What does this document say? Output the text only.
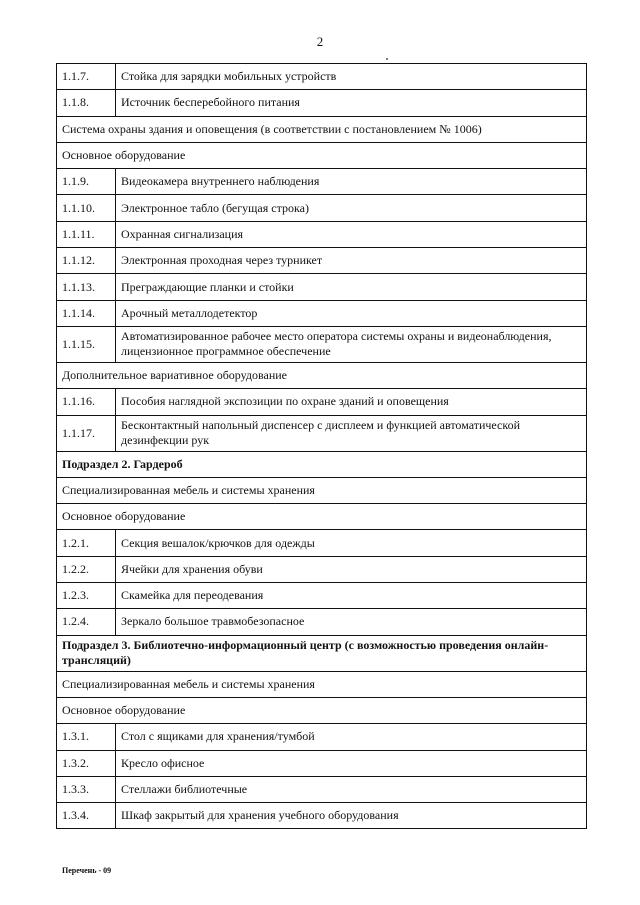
2
1.1.7.	Стойка для зарядки мобильных устройств
1.1.8.	Источник бесперебойного питания
Система охраны здания и оповещения (в соответствии с постановлением № 1006)	
Основное оборудование	
1.1.9.	Видеокамера внутреннего наблюдения
1.1.10.	Электронное табло (бегущая строка)
1.1.11.	Охранная сигнализация
1.1.12.	Электронная проходная через турникет
1.1.13.	Преграждающие планки и стойки
1.1.14.	Арочный металлодетектор
1.1.15.	Автоматизированное рабочее место оператора системы охраны и видеонаблюдения, лицензионное программное обеспечение
Дополнительное вариативное оборудование	
1.1.16.	Пособия наглядной экспозиции по охране зданий и оповещения
1.1.17.	Бесконтактный напольный диспенсер с дисплеем и функцией автоматической дезинфекции рук
Подраздел 2. Гардероб	
Специализированная мебель и системы хранения	
Основное оборудование	
1.2.1.	Секция вешалок/крючков для одежды
1.2.2.	Ячейки для хранения обуви
1.2.3.	Скамейка для переодевания
1.2.4.	Зеркало большое травмобезопасное
Подраздел 3. Библиотечно-информационный центр (с возможностью проведения онлайн-трансляций)	
Специализированная мебель и системы хранения	
Основное оборудование	
1.3.1.	Стол с ящиками для хранения/тумбой
1.3.2.	Кресло офисное
1.3.3.	Стеллажи библиотечные
1.3.4.	Шкаф закрытый для хранения учебного оборудования
Перечень - 09
